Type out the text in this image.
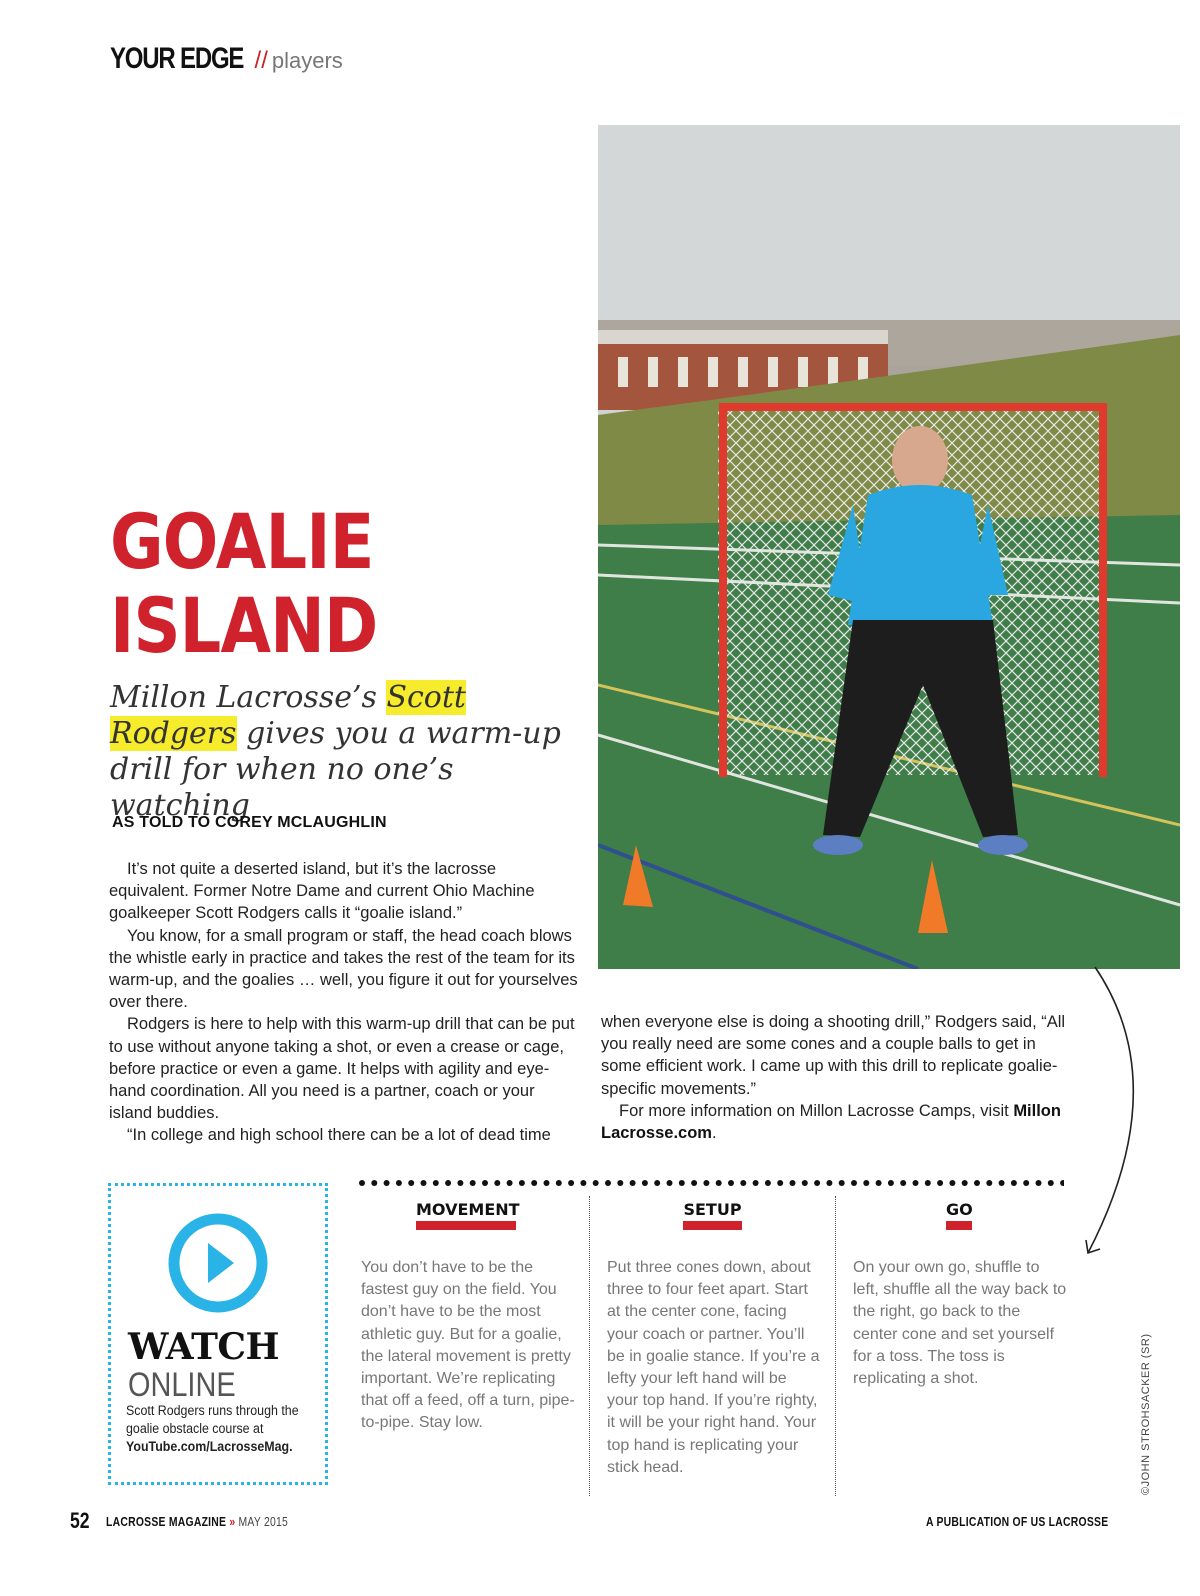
YOUR EDGE // players
GOALIE
ISLAND
Millon Lacrosse’s Scott Rodgers gives you a warm-up drill for when no one’s watching
AS TOLD TO COREY MCLAUGHLIN

It’s not quite a deserted island, but it’s the lacrosse equivalent. Former Notre Dame and current Ohio Machine goalkeeper Scott Rodgers calls it “goalie island.”

You know, for a small program or staff, the head coach blows the whistle early in practice and takes the rest of the team for its warm-up, and the goalies … well, you figure it out for yourselves over there.

Rodgers is here to help with this warm-up drill that can be put to use without anyone taking a shot, or even a crease or cage, before practice or even a game. It helps with agility and eye-hand coordination. All you need is a partner, coach or your island buddies.

“In college and high school there can be a lot of dead time

when everyone else is doing a shooting drill,” Rodgers said, “All you really need are some cones and a couple balls to get in some efficient work. I came up with this drill to replicate goalie-specific movements.”

For more information on Millon Lacrosse Camps, visit Millon Lacrosse.com.

WATCH
ONLINE
Scott Rodgers runs through the goalie obstacle course at YouTube.com/LacrosseMag.
MOVEMENT
You don’t have to be the fastest guy on the field. You don’t have to be the most athletic guy. But for a goalie, the lateral movement is pretty important. We’re replicating that off a feed, off a turn, pipe-to-pipe. Stay low.
SETUP
Put three cones down, about three to four feet apart. Start at the center cone, facing your coach or partner. You’ll be in goalie stance. If you’re a lefty your left hand will be your top hand. If you’re righty, it will be your right hand. Your top hand is replicating your stick head.
GO
On your own go, shuffle to left, shuffle all the way back to the right, go back to the center cone and set yourself for a toss. The toss is replicating a shot.	©JOHN STROHSACKER (SR)
52 LACROSSE MAGAZINE » MAY 2015	A PUBLICATION OF US LACROSSE
